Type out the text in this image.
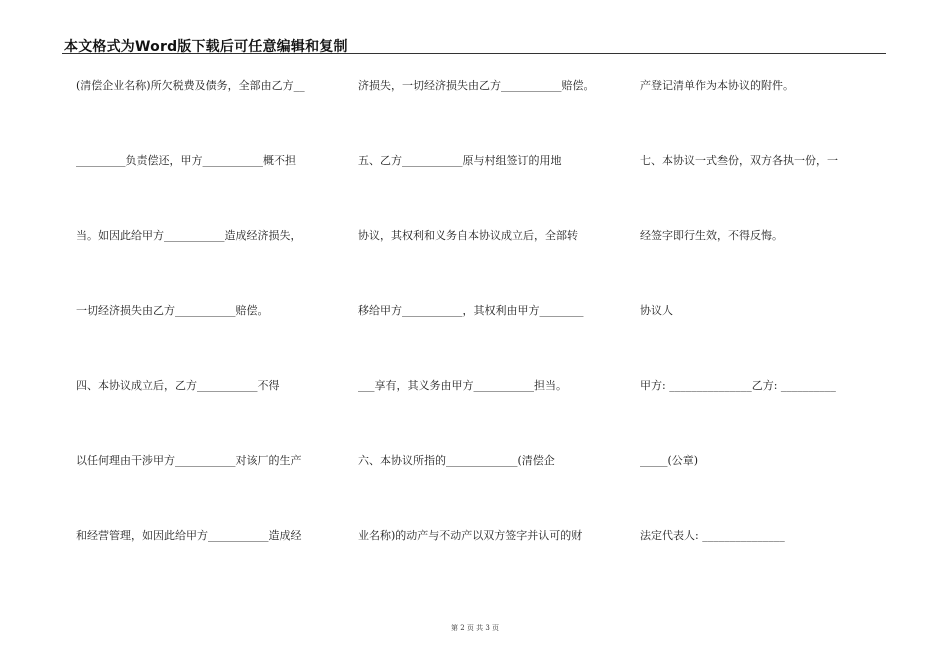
本文格式为Word版下载后可任意编辑和复制
(清偿企业名称)所欠税费及债务，全部由乙方__
_________负责偿还，甲方___________概不担
当。如因此给甲方___________造成经济损失，
一切经济损失由乙方___________赔偿。
四、本协议成立后，乙方___________不得
以任何理由干涉甲方___________对该厂的生产
和经营管理，如因此给甲方___________造成经
济损失，一切经济损失由乙方___________赔偿。
五、乙方___________原与村组签订的用地
协议，其权利和义务自本协议成立后，全部转
移给甲方___________，其权利由甲方________
___享有，其义务由甲方___________担当。
六、本协议所指的_____________(清偿企
业名称)的动产与不动产以双方签字并认可的财
产登记清单作为本协议的附件。
七、本协议一式叁份，双方各执一份，一
经签字即行生效，不得反悔。
协议人
甲方: _______________乙方: __________
_____(公章)
法定代表人: _______________
第 2 页 共 3 页
